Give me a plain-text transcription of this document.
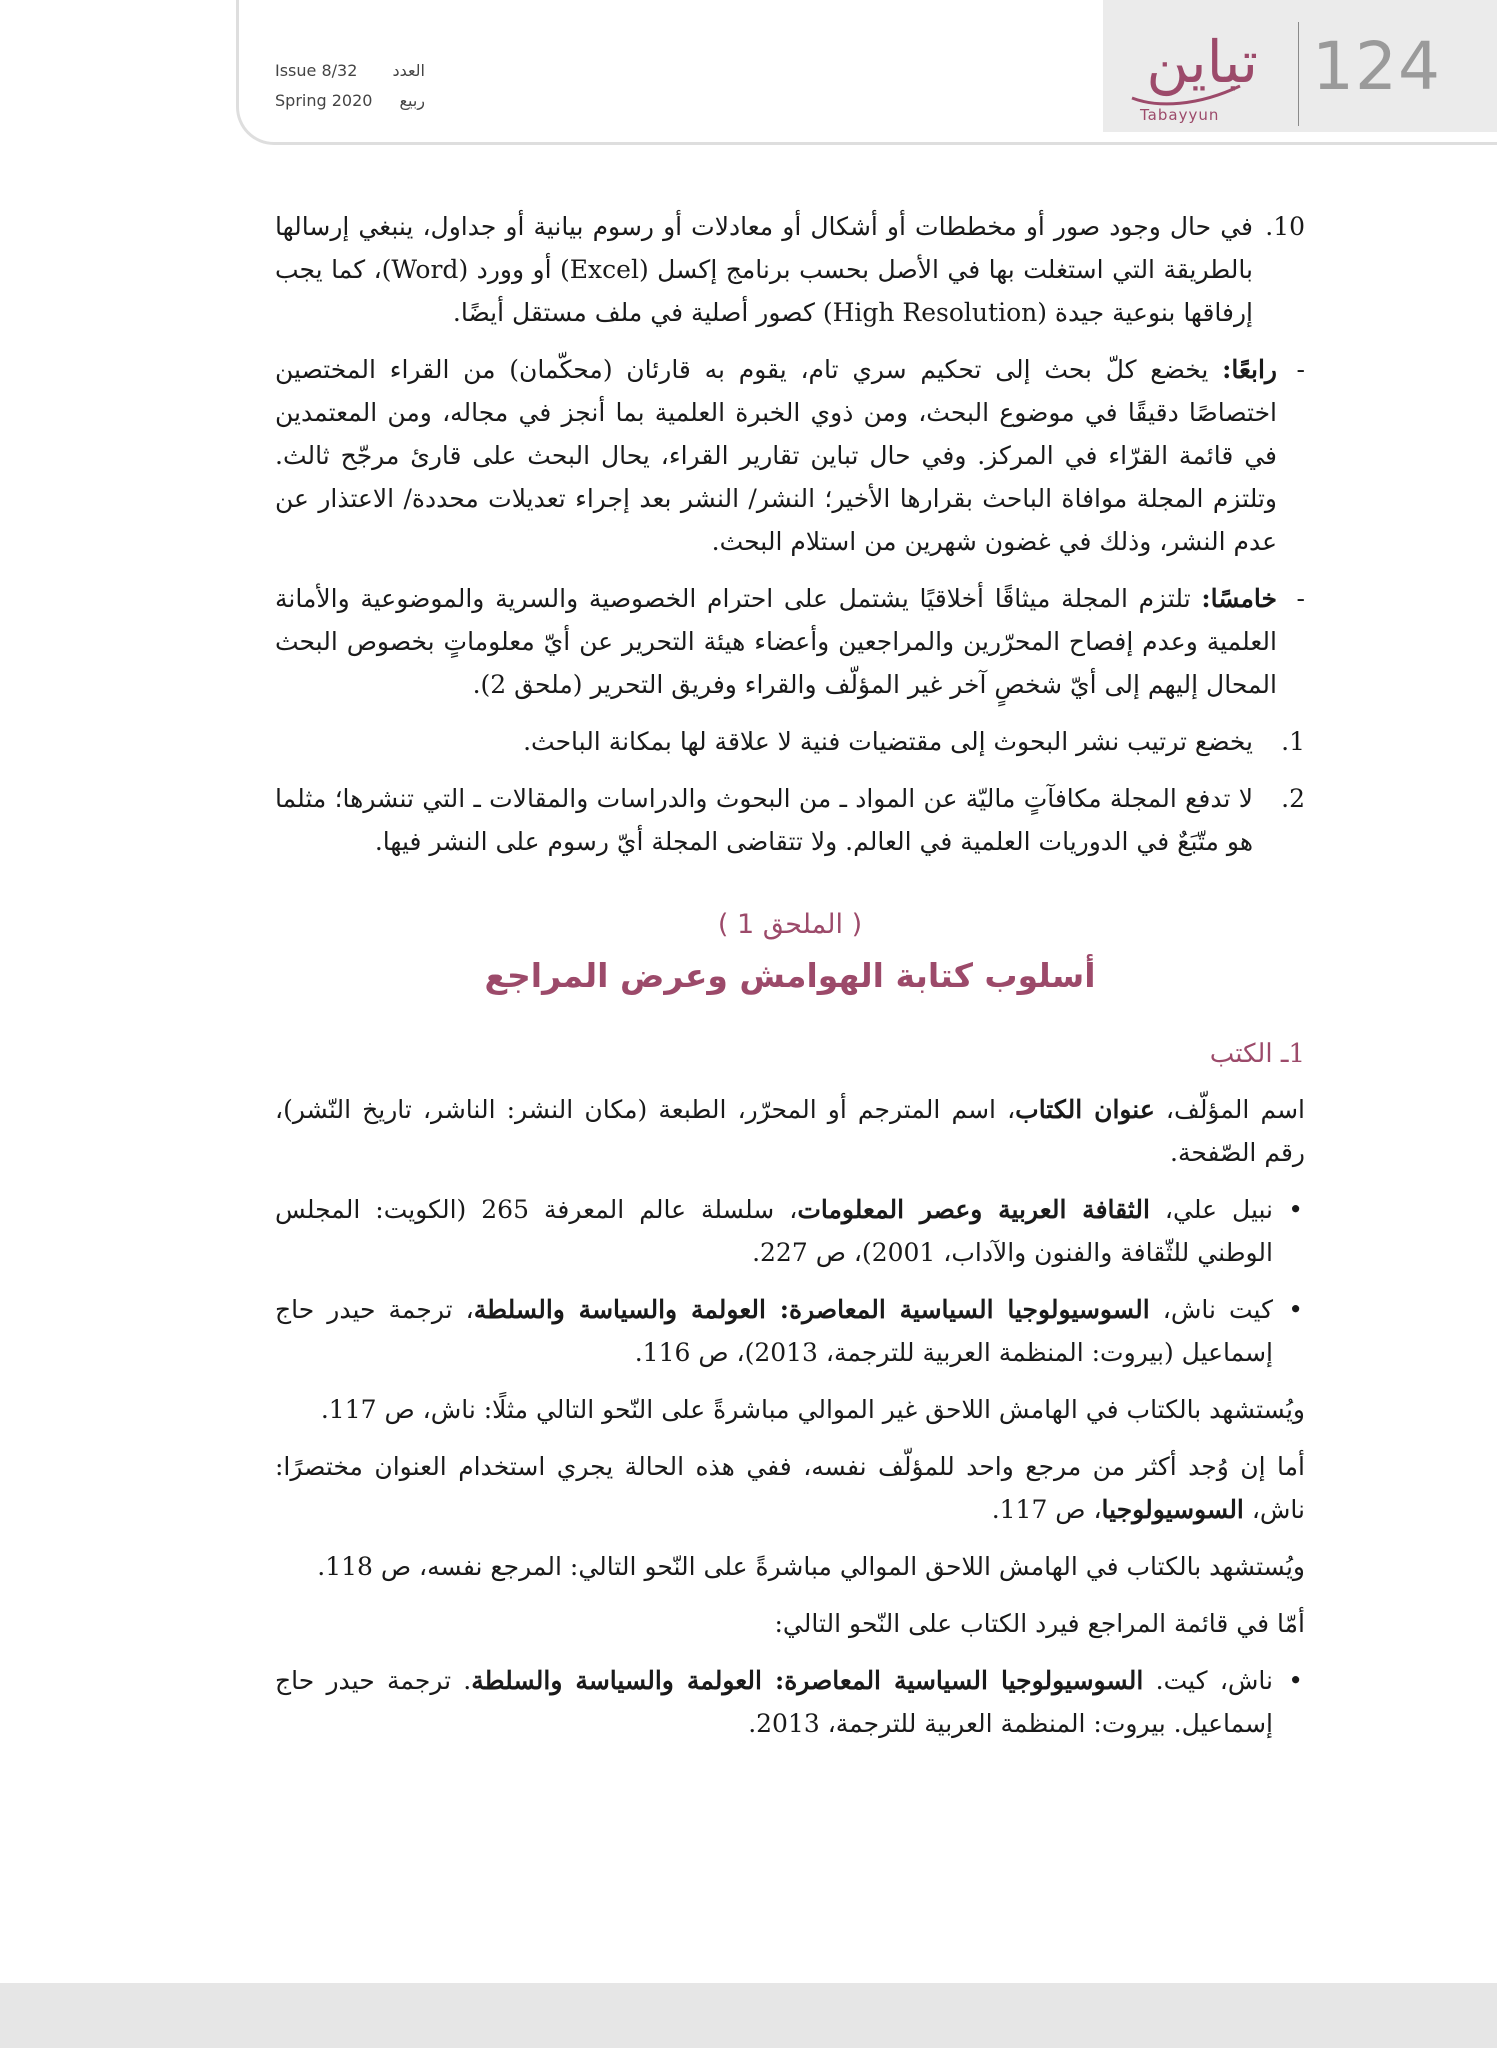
124
تباين
Tabayyun
Issue 8/32 العدد
Spring 2020 ربيع
10.
في حال وجود صور أو مخططات أو أشكال أو معادلات أو رسوم بيانية أو جداول، ينبغي إرسالها بالطريقة التي استغلت بها في الأصل بحسب برنامج إكسل (Excel) أو وورد (Word)، كما يجب إرفاقها بنوعية جيدة (High Resolution) كصور أصلية في ملف مستقل أيضًا.
-
رابعًا: يخضع كلّ بحث إلى تحكيم سري تام، يقوم به قارئان (محكّمان) من القراء المختصين اختصاصًا دقيقًا في موضوع البحث، ومن ذوي الخبرة العلمية بما أنجز في مجاله، ومن المعتمدين في قائمة القرّاء في المركز. وفي حال تباين تقارير القراء، يحال البحث على قارئ مرجّح ثالث. وتلتزم المجلة موافاة الباحث بقرارها الأخير؛ النشر/ النشر بعد إجراء تعديلات محددة/ الاعتذار عن عدم النشر، وذلك في غضون شهرين من استلام البحث.
-
خامسًا: تلتزم المجلة ميثاقًا أخلاقيًا يشتمل على احترام الخصوصية والسرية والموضوعية والأمانة العلمية وعدم إفصاح المحرّرين والمراجعين وأعضاء هيئة التحرير عن أيّ معلوماتٍ بخصوص البحث المحال إليهم إلى أيّ شخصٍ آخر غير المؤلّف والقراء وفريق التحرير (ملحق 2).
1.
يخضع ترتيب نشر البحوث إلى مقتضيات فنية لا علاقة لها بمكانة الباحث.
2.
لا تدفع المجلة مكافآتٍ ماليّة عن المواد ـ من البحوث والدراسات والمقالات ـ التي تنشرها؛ مثلما هو متّبَعٌ في الدوريات العلمية في العالم. ولا تتقاضى المجلة أيّ رسوم على النشر فيها.
( الملحق 1 )
أسلوب كتابة الهوامش وعرض المراجع
1ـ الكتب

اسم المؤلّف، عنوان الكتاب، اسم المترجم أو المحرّر، الطبعة (مكان النشر: الناشر، تاريخ النّشر)، رقم الصّفحة.

•
نبيل علي، الثقافة العربية وعصر المعلومات، سلسلة عالم المعرفة 265 (الكويت: المجلس الوطني للثّقافة والفنون والآداب، 2001)، ص 227.
•
كيت ناش، السوسيولوجيا السياسية المعاصرة: العولمة والسياسة والسلطة، ترجمة حيدر حاج إسماعيل (بيروت: المنظمة العربية للترجمة، 2013)، ص 116.

ويُستشهد بالكتاب في الهامش اللاحق غير الموالي مباشرةً على النّحو التالي مثلًا: ناش، ص 117.

أما إن وُجد أكثر من مرجع واحد للمؤلّف نفسه، ففي هذه الحالة يجري استخدام العنوان مختصرًا: ناش، السوسيولوجيا، ص 117.

ويُستشهد بالكتاب في الهامش اللاحق الموالي مباشرةً على النّحو التالي: المرجع نفسه، ص 118.

أمّا في قائمة المراجع فيرد الكتاب على النّحو التالي:

•
ناش، كيت. السوسيولوجيا السياسية المعاصرة: العولمة والسياسة والسلطة. ترجمة حيدر حاج إسماعيل. بيروت: المنظمة العربية للترجمة، 2013.
